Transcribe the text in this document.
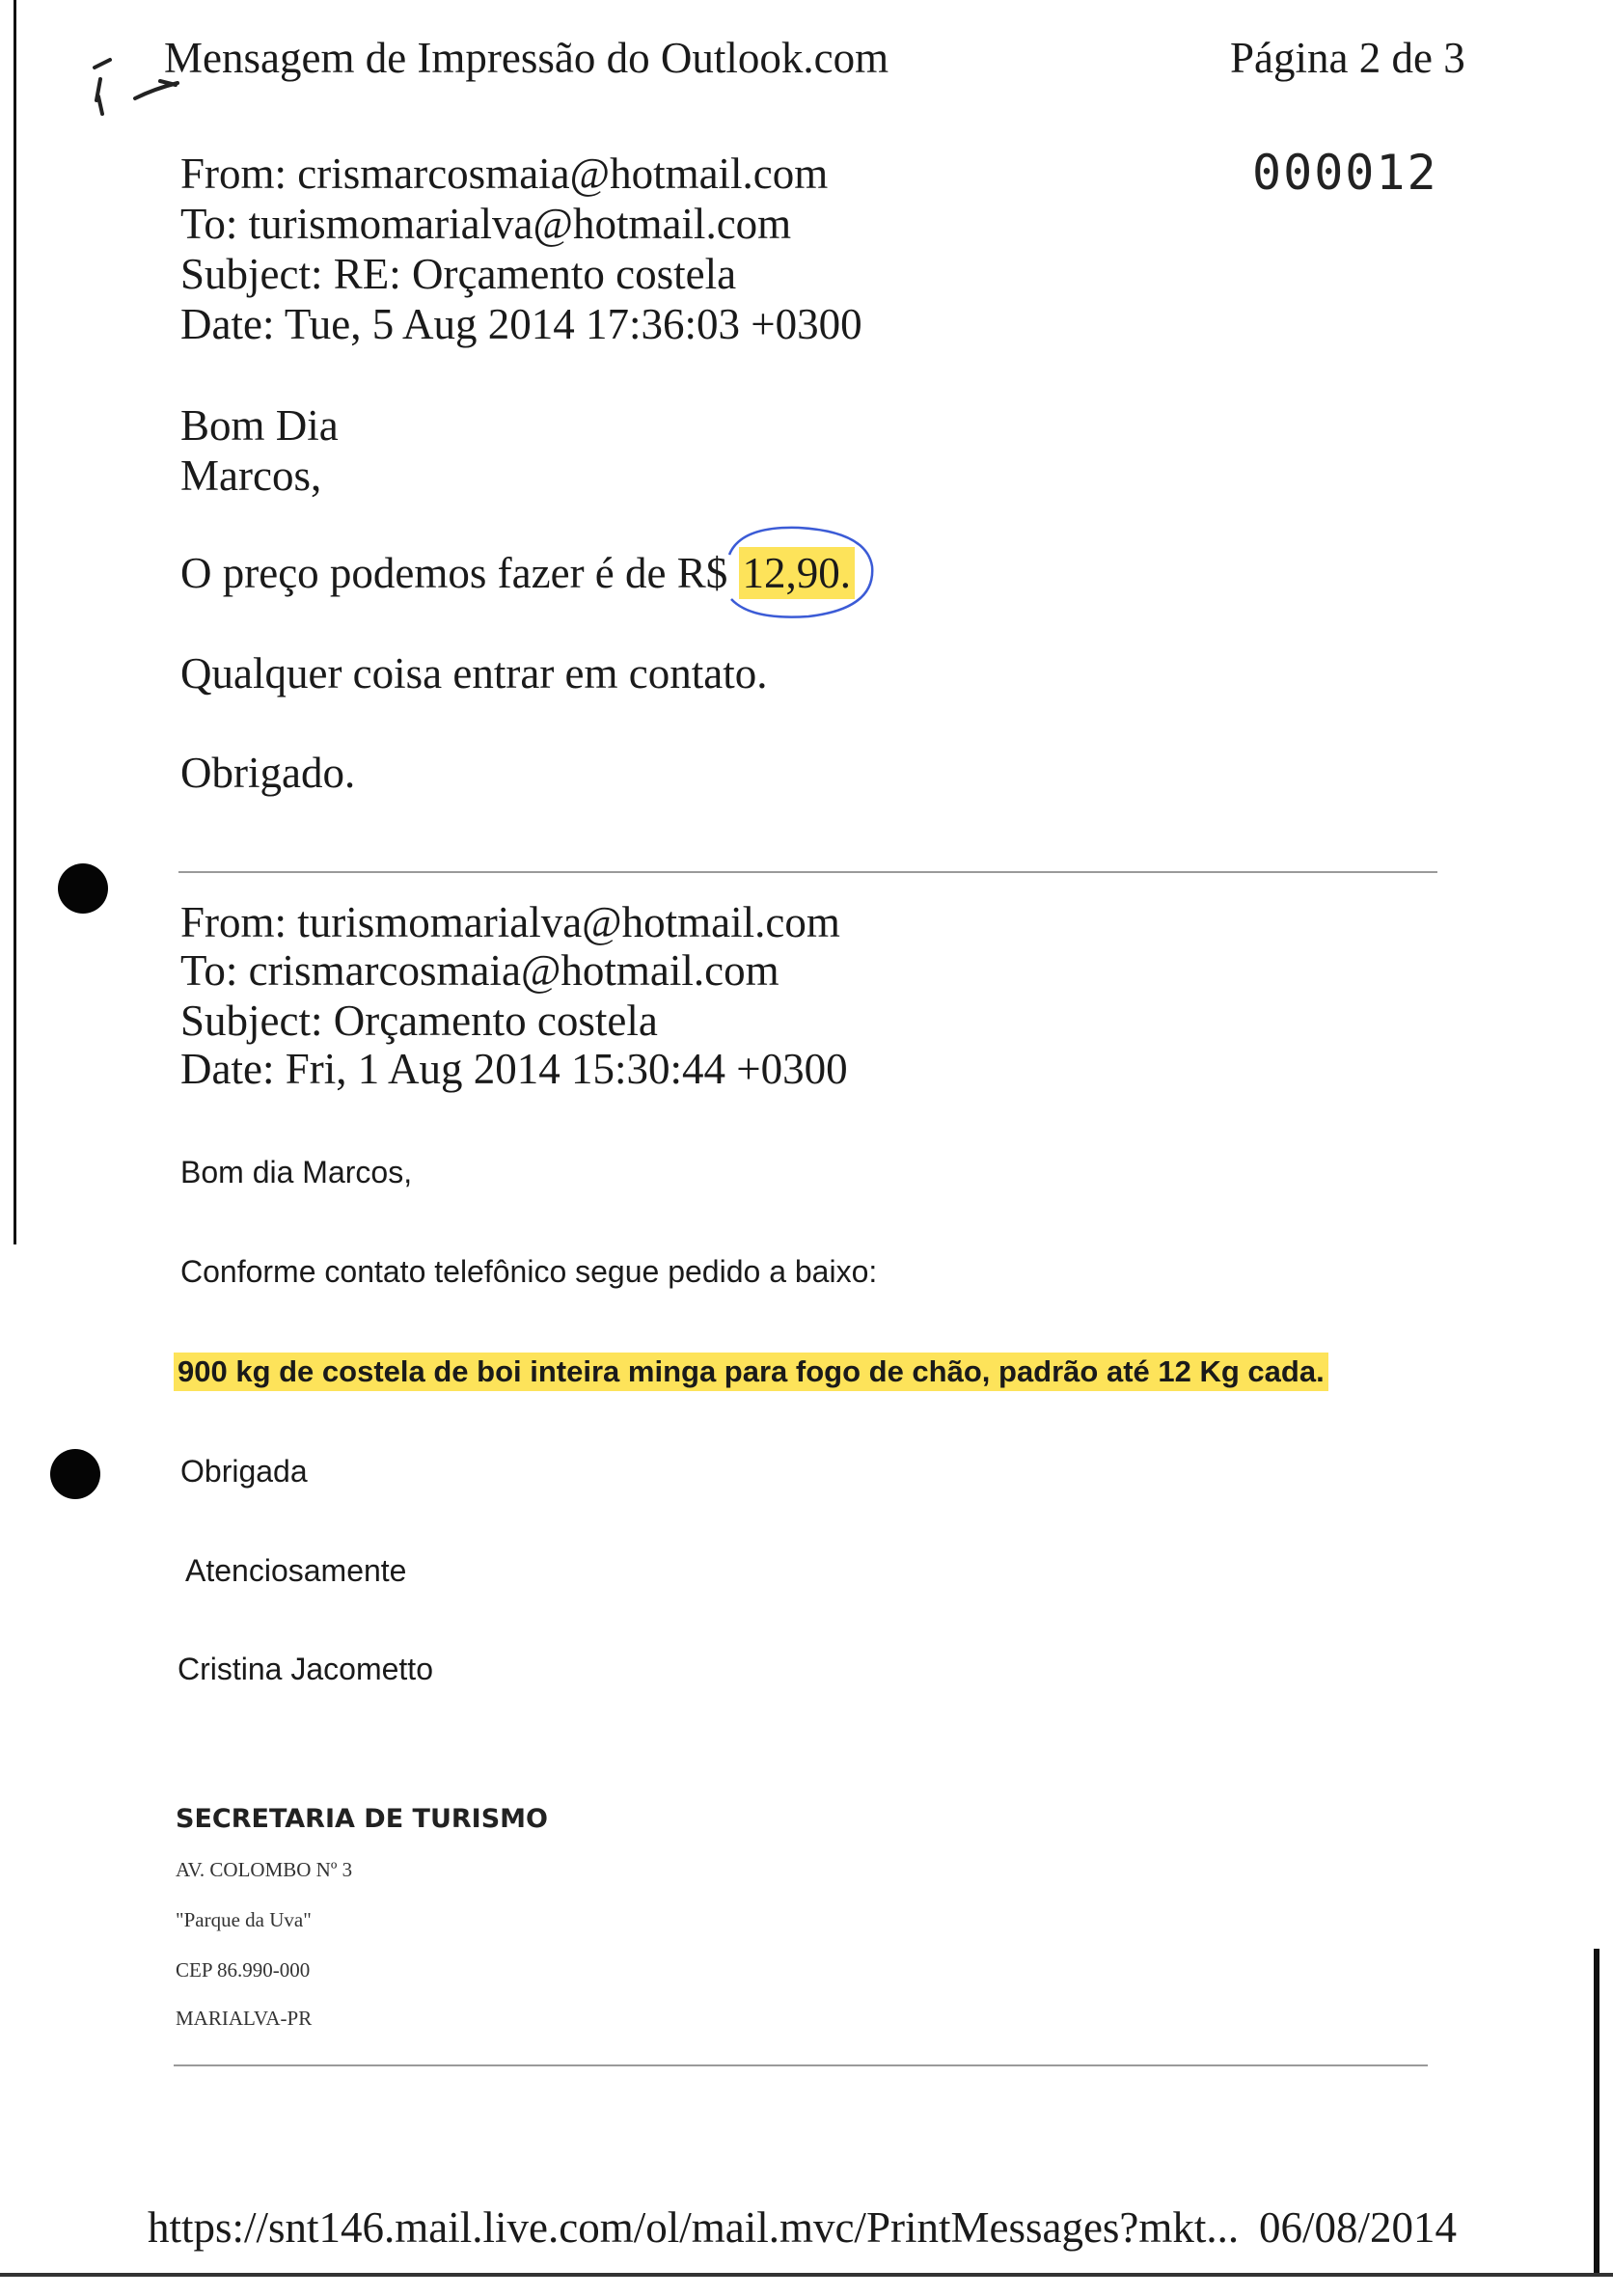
Mensagem de Impressão do Outlook.com	Página 2 de 3
000012
From: crismarcosmaia@hotmail.com
To: turismomarialva@hotmail.com
Subject: RE: Orçamento costela
Date: Tue, 5 Aug 2014 17:36:03 +0300
Bom Dia
Marcos,
O preço podemos fazer é de R$ 12,90.
Qualquer coisa entrar em contato.
Obrigado.
From: turismomarialva@hotmail.com
To: crismarcosmaia@hotmail.com
Subject: Orçamento costela
Date: Fri, 1 Aug 2014 15:30:44 +0300
Bom dia Marcos,
Conforme contato telefônico segue pedido a baixo:
900 kg de costela de boi inteira minga para fogo de chão, padrão até 12 Kg cada.
Obrigada
Atenciosamente
Cristina Jacometto
SECRETARIA DE TURISMO
AV. COLOMBO Nº 3
"Parque da Uva"
CEP 86.990-000
MARIALVA-PR
https://snt146.mail.live.com/ol/mail.mvc/PrintMessages?mkt... 06/08/2014
